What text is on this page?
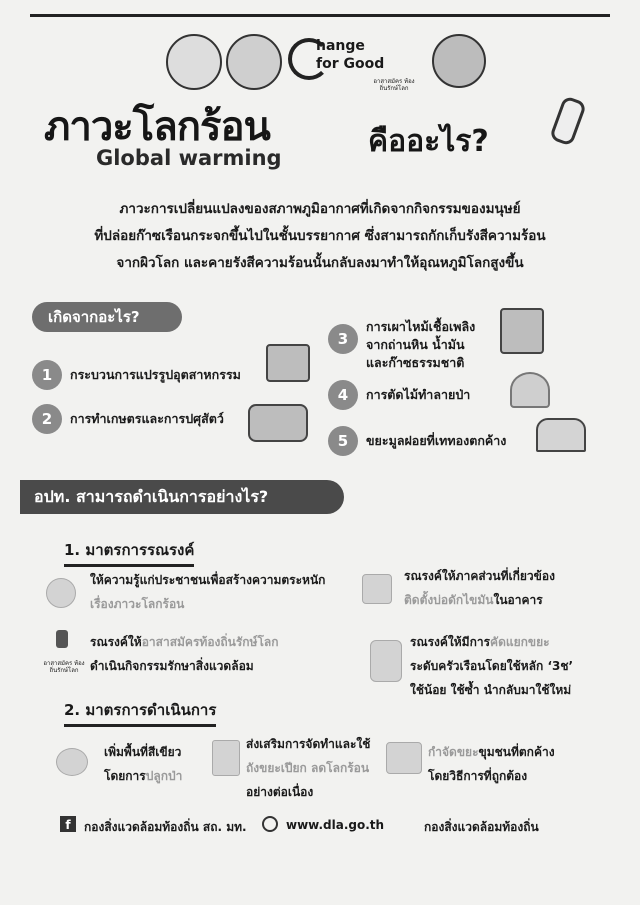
hange
for Good
อาสาสมัคร ท้องถิ่นรักษ์โลก
ภาวะโลกร้อน	คืออะไร?
Global warming
ภาวะการเปลี่ยนแปลงของสภาพภูมิอากาศที่เกิดจากกิจกรรมของมนุษย์
ที่ปล่อยก๊าซเรือนกระจกขึ้นไปในชั้นบรรยากาศ ซึ่งสามารถกักเก็บรังสีความร้อน
จากผิวโลก และคายรังสีความร้อนนั้นกลับลงมาทำให้อุณหภูมิโลกสูงขึ้น
เกิดจากอะไร?
1	กระบวนการแปรรูปอุตสาหกรรม
2	การทำเกษตรและการปศุสัตว์
3
การเผาไหม้เชื้อเพลิง
จากถ่านหิน น้ำมัน
และก๊าซธรรมชาติ
4	การตัดไม้ทำลายป่า
5	ขยะมูลฝอยที่เททองตกค้าง
อปท. สามารถดำเนินการอย่างไร?
1. มาตรการรณรงค์
ให้ความรู้แก่ประชาชนเพื่อสร้างความตระหนัก
เรื่องภาวะโลกร้อน
รณรงค์ให้ภาคส่วนที่เกี่ยวข้อง
ติดตั้งบ่อดักไขมันในอาคาร
อาสาสมัคร ท้องถิ่นรักษ์โลก
รณรงค์ให้อาสาสมัครท้องถิ่นรักษ์โลก
ดำเนินกิจกรรมรักษาสิ่งแวดล้อม
รณรงค์ให้มีการคัดแยกขยะ
ระดับครัวเรือนโดยใช้หลัก ‘3ช’
ใช้น้อย ใช้ซ้ำ นำกลับมาใช้ใหม่
2. มาตรการดำเนินการ
เพิ่มพื้นที่สีเขียว
โดยการปลูกป่า
ส่งเสริมการจัดทำและใช้
ถังขยะเปียก ลดโลกร้อน
อย่างต่อเนื่อง
กำจัดขยะขุมชนที่ตกค้าง
โดยวิธีการที่ถูกต้อง
f	กองสิ่งแวดล้อมท้องถิ่น สถ. มท.	www.dla.go.th	กองสิ่งแวดล้อมท้องถิ่น
